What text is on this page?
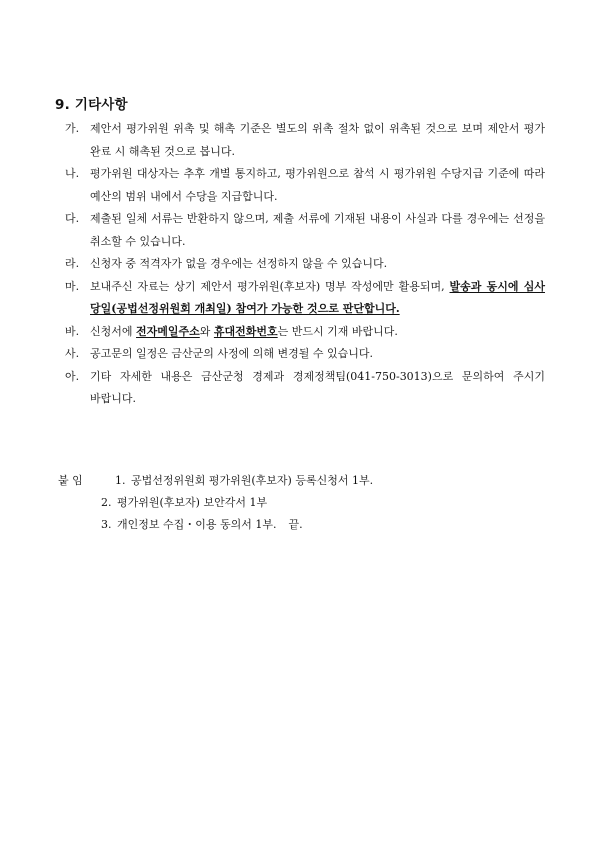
9. 기타사항
가. 제안서 평가위원 위촉 및 해촉 기준은 별도의 위촉 절차 없이 위촉된 것으로 보며 제안서 평가 완료 시 해촉된 것으로 봅니다.
나. 평가위원 대상자는 추후 개별 통지하고, 평가위원으로 참석 시 평가위원 수당지급 기준에 따라 예산의 범위 내에서 수당을 지급합니다.
다. 제출된 일체 서류는 반환하지 않으며, 제출 서류에 기재된 내용이 사실과 다를 경우에는 선정을 취소할 수 있습니다.
라. 신청자 중 적격자가 없을 경우에는 선정하지 않을 수 있습니다.
마. 보내주신 자료는 상기 제안서 평가위원(후보자) 명부 작성에만 활용되며, 발송과 동시에 심사 당일(공법선정위원회 개최일) 참여가 가능한 것으로 판단합니다.
바. 신청서에 전자메일주소와 휴대전화번호는 반드시 기재 바랍니다.
사. 공고문의 일정은 금산군의 사정에 의해 변경될 수 있습니다.
아. 기타 자세한 내용은 금산군청 경제과 경제정책팀(041-750-3013)으로 문의하여 주시기 바랍니다.
붙 임	1. 공법선정위원회 평가위원(후보자) 등록신청서 1부.
2. 평가위원(후보자) 보안각서 1부
3. 개인정보 수집・이용 동의서 1부. 끝.
